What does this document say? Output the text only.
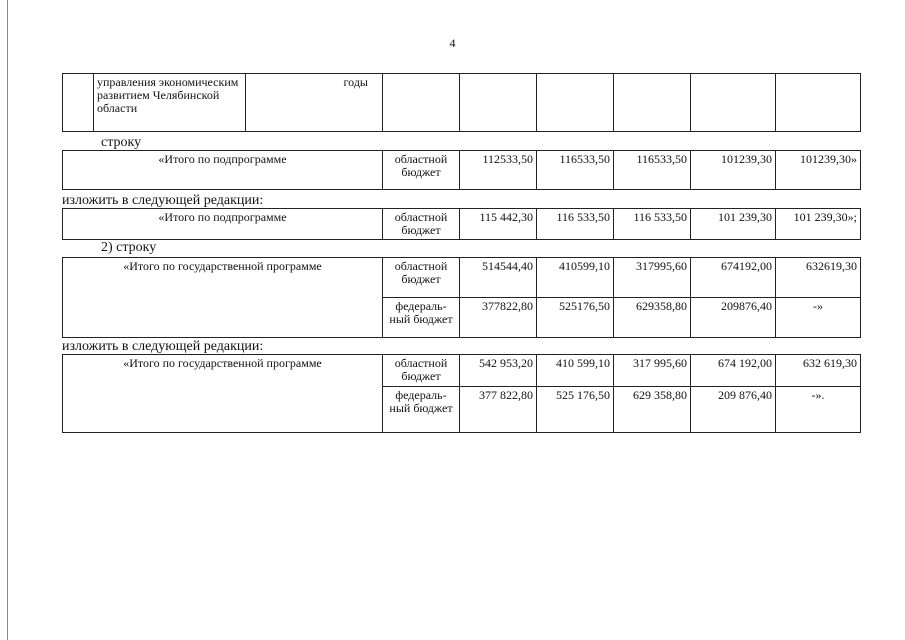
4
	управления экономическим развитием Челябинской области	годы						
строку
«Итого по подпрограмме	областной бюджет	112533,50	116533,50	116533,50	101239,30	101239,30»
изложить в следующей редакции:
«Итого по подпрограмме	областной бюджет	115 442,30	116 533,50	116 533,50	101 239,30	101 239,30»;
2) строку
«Итого по государственной программе	областной бюджет	514544,40	410599,10	317995,60	674192,00	632619,30
	федераль-ный бюджет	377822,80	525176,50	629358,80	209876,40	-»
изложить в следующей редакции:
«Итого по государственной программе	областной бюджет	542 953,20	410 599,10	317 995,60	674 192,00	632 619,30
	федераль-ный бюджет	377 822,80	525 176,50	629 358,80	209 876,40	-».
